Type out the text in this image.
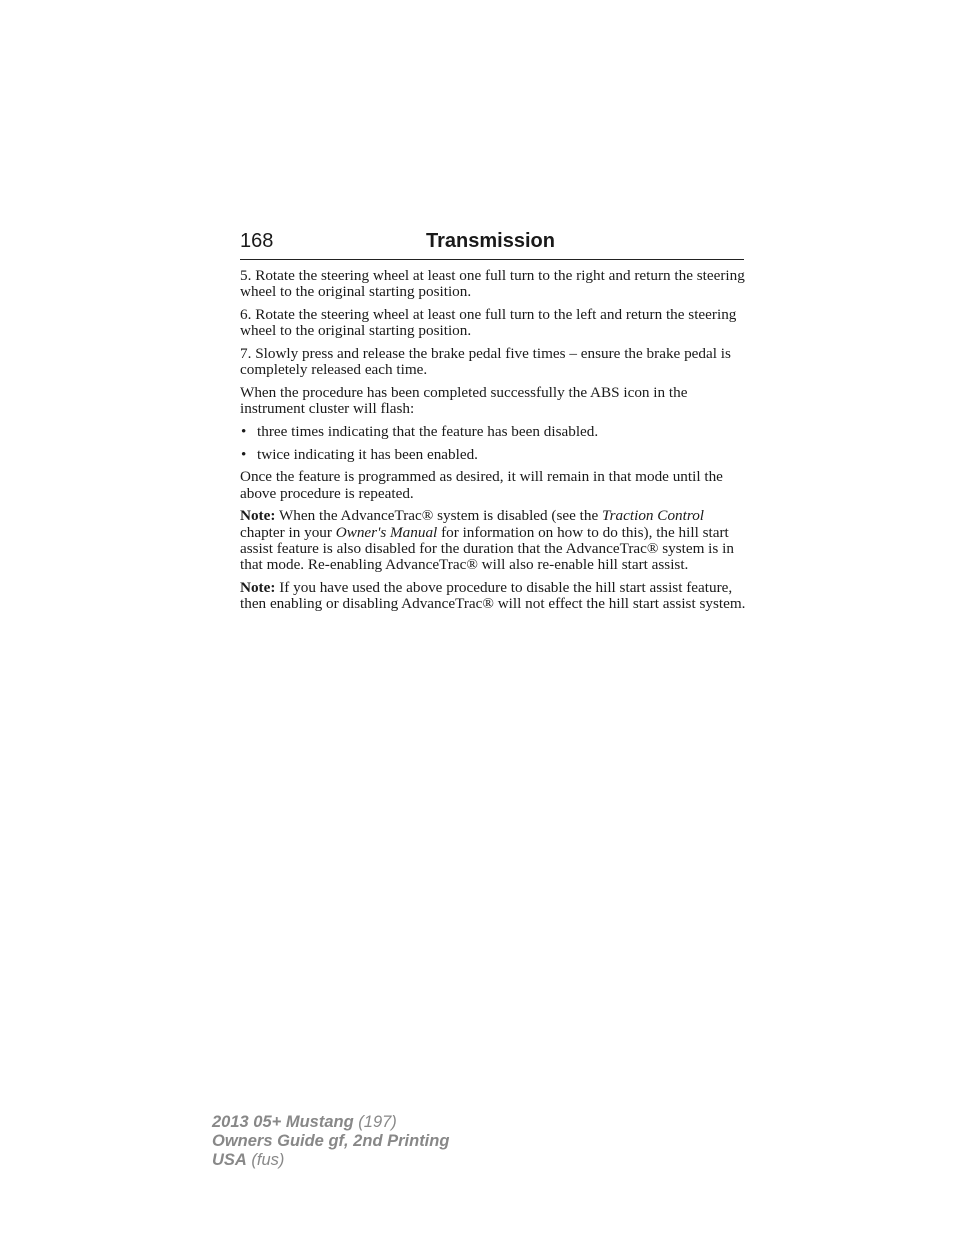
168	Transmission

5. Rotate the steering wheel at least one full turn to the right and return the steering wheel to the original starting position.

6. Rotate the steering wheel at least one full turn to the left and return the steering wheel to the original starting position.

7. Slowly press and release the brake pedal five times – ensure the brake pedal is completely released each time.

When the procedure has been completed successfully the ABS icon in the instrument cluster will flash:

• three times indicating that the feature has been disabled.
• twice indicating it has been enabled.

Once the feature is programmed as desired, it will remain in that mode until the above procedure is repeated.

Note: When the AdvanceTrac® system is disabled (see the Traction Control chapter in your Owner's Manual for information on how to do this), the hill start assist feature is also disabled for the duration that the AdvanceTrac® system is in that mode. Re-enabling AdvanceTrac® will also re-enable hill start assist.

Note: If you have used the above procedure to disable the hill start assist feature, then enabling or disabling AdvanceTrac® will not effect the hill start assist system.

2013 05+ Mustang (197)
Owners Guide gf, 2nd Printing
USA (fus)
